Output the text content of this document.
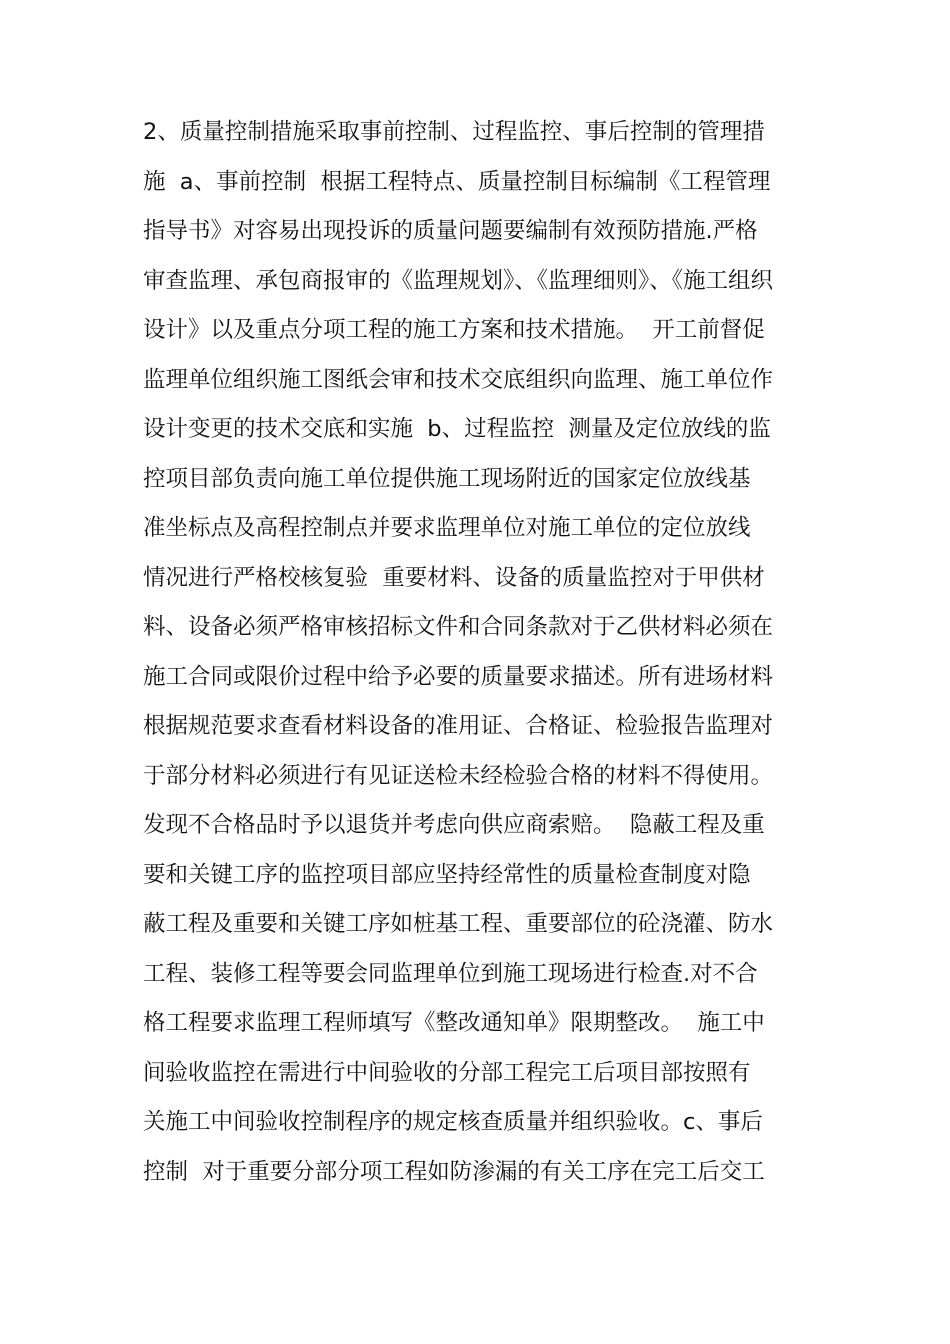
2、质量控制措施采取事前控制、过程监控、事后控制的管理措
施  a、事前控制  根据工程特点、质量控制目标编制《工程管理
指导书》对容易出现投诉的质量问题要编制有效预防措施.严格
审查监理、承包商报审的《监理规划》、《监理细则》、《施工组织
设计》以及重点分项工程的施工方案和技术措施。  开工前督促
监理单位组织施工图纸会审和技术交底组织向监理、施工单位作
设计变更的技术交底和实施  b、过程监控  测量及定位放线的监
控项目部负责向施工单位提供施工现场附近的国家定位放线基
准坐标点及高程控制点并要求监理单位对施工单位的定位放线
情况进行严格校核复验  重要材料、设备的质量监控对于甲供材
料、设备必须严格审核招标文件和合同条款对于乙供材料必须在
施工合同或限价过程中给予必要的质量要求描述。所有进场材料
根据规范要求查看材料设备的准用证、合格证、检验报告监理对
于部分材料必须进行有见证送检未经检验合格的材料不得使用。
发现不合格品时予以退货并考虑向供应商索赔。  隐蔽工程及重
要和关键工序的监控项目部应坚持经常性的质量检查制度对隐
蔽工程及重要和关键工序如桩基工程、重要部位的砼浇灌、防水
工程、装修工程等要会同监理单位到施工现场进行检查.对不合
格工程要求监理工程师填写《整改通知单》限期整改。  施工中
间验收监控在需进行中间验收的分部工程完工后项目部按照有
关施工中间验收控制程序的规定核查质量并组织验收。c、事后
控制  对于重要分部分项工程如防渗漏的有关工序在完工后交工
